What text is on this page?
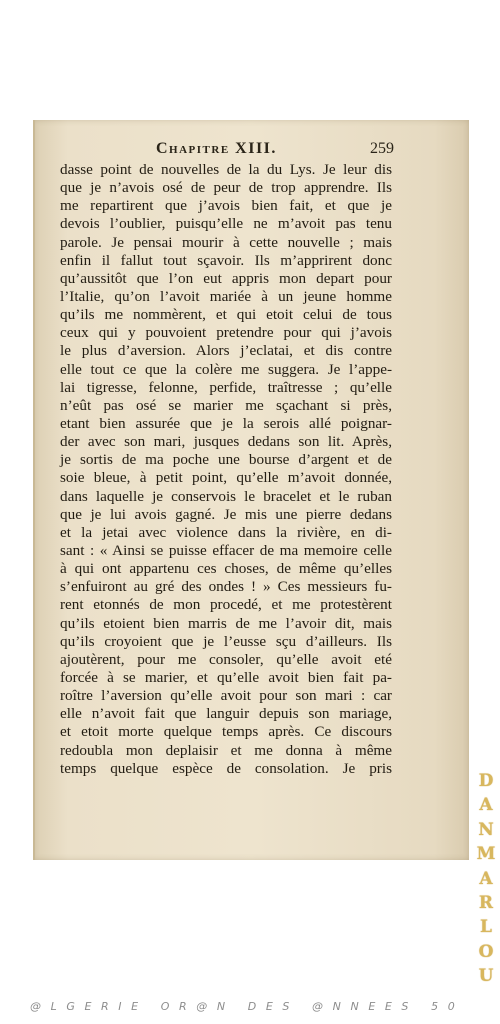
Chapitre XIII.	259
dasse point de nouvelles de la du Lys. Je leur dis
que je n’avois osé de peur de trop apprendre. Ils
me repartirent que j’avois bien fait, et que je
devois l’oublier, puisqu’elle ne m’avoit pas tenu
parole. Je pensai mourir à cette nouvelle ; mais
enfin il fallut tout sçavoir. Ils m’apprirent donc
qu’aussitôt que l’on eut appris mon depart pour
l’Italie, qu’on l’avoit mariée à un jeune homme
qu’ils me nommèrent, et qui etoit celui de tous
ceux qui y pouvoient pretendre pour qui j’avois
le plus d’aversion. Alors j’eclatai, et dis contre
elle tout ce que la colère me suggera. Je l’appe-
lai tigresse, felonne, perfide, traîtresse ; qu’elle
n’eût pas osé se marier me sçachant si près,
etant bien assurée que je la serois allé poignar-
der avec son mari, jusques dedans son lit. Après,
je sortis de ma poche une bourse d’argent et de
soie bleue, à petit point, qu’elle m’avoit donnée,
dans laquelle je conservois le bracelet et le ruban
que je lui avois gagné. Je mis une pierre dedans
et la jetai avec violence dans la rivière, en di-
sant : « Ainsi se puisse effacer de ma memoire celle
à qui ont appartenu ces choses, de même qu’elles
s’enfuiront au gré des ondes ! » Ces messieurs fu-
rent etonnés de mon procedé, et me protestèrent
qu’ils etoient bien marris de me l’avoir dit, mais
qu’ils croyoient que je l’eusse sçu d’ailleurs. Ils
ajoutèrent, pour me consoler, qu’elle avoit eté
forcée à se marier, et qu’elle avoit bien fait pa-
roître l’aversion qu’elle avoit pour son mari : car
elle n’avoit fait que languir depuis son mariage,
et etoit morte quelque temps après. Ce discours
redoubla mon deplaisir et me donna à même
temps quelque espèce de consolation. Je pris
D
A
N
M
A
R
L
O
U
@LGERIE OR@N DES @NNEES 50
